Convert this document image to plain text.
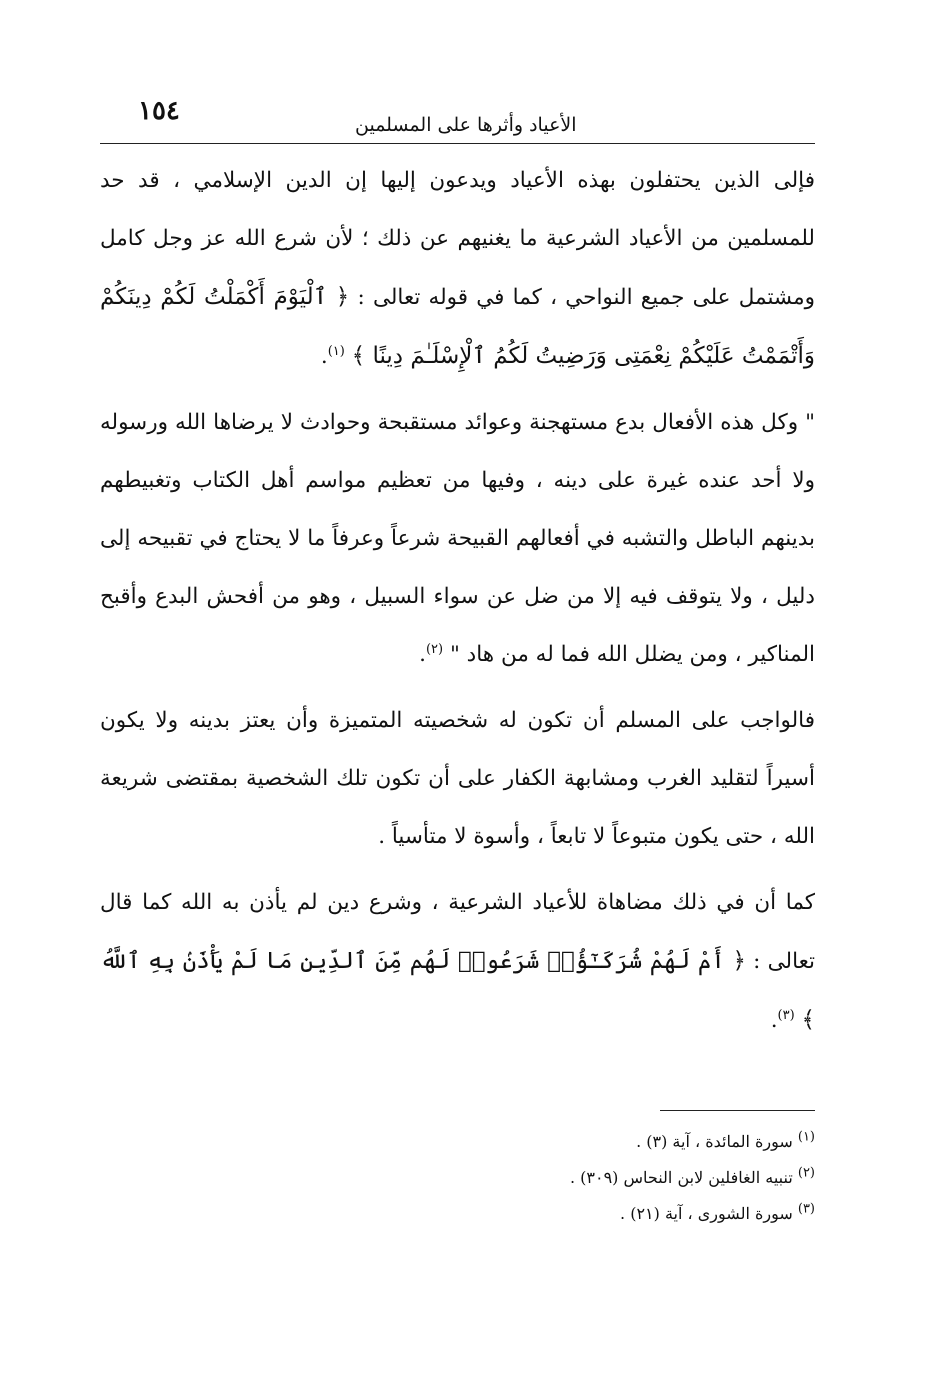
١٥٤	الأعياد وأثرها على المسلمين

فإلى الذين يحتفلون بهذه الأعياد ويدعون إليها إن الدين الإسلامي ، قد حد للمسلمين من الأعياد الشرعية ما يغنيهم عن ذلك ؛ لأن شرع الله عز وجل كامل ومشتمل على جميع النواحي ، كما في قوله تعالى : ﴿ ٱلْيَوْمَ أَكْمَلْتُ لَكُمْ دِينَكُمْ وَأَتْمَمْتُ عَلَيْكُمْ نِعْمَتِى وَرَضِيتُ لَكُمُ ٱلْإِسْلَـٰمَ دِينًا ﴾ $^{(١)}$.

" وكل هذه الأفعال بدع مستهجنة وعوائد مستقبحة وحوادث لا يرضاها الله ورسوله ولا أحد عنده غيرة على دينه ، وفيها من تعظيم مواسم أهل الكتاب وتغبيطهم بدينهم الباطل والتشبه في أفعالهم القبيحة شرعاً وعرفاً ما لا يحتاج في تقبيحه إلى دليل ، ولا يتوقف فيه إلا من ضل عن سواء السبيل ، وهو من أفحش البدع وأقبح المناكير ، ومن يضلل الله فما له من هاد " $^{(٢)}$.

فالواجب على المسلم أن تكون له شخصيته المتميزة وأن يعتز بدينه ولا يكون أسيراً لتقليد الغرب ومشابهة الكفار على أن تكون تلك الشخصية بمقتضى شريعة الله ، حتى يكون متبوعاً لا تابعاً ، وأسوة لا متأسياً .

كما أن في ذلك مضاهاة للأعياد الشرعية ، وشرع دين لم يأذن به الله كما قال تعالى : ﴿ أَمْ لَهُمْ شُرَكَـٰٓؤُا۟ شَرَعُوا۟ لَهُم مِّنَ ٱلدِّينِ مَا لَمْ يَأْذَنۢ بِهِ ٱللَّهُ ﴾ $^{(٣)}$.

$^{(١)}$ سورة المائدة ، آية (٣) .

$^{(٢)}$ تنبيه الغافلين لابن النحاس (٣٠٩) .

$^{(٣)}$ سورة الشورى ، آية (٢١) .
